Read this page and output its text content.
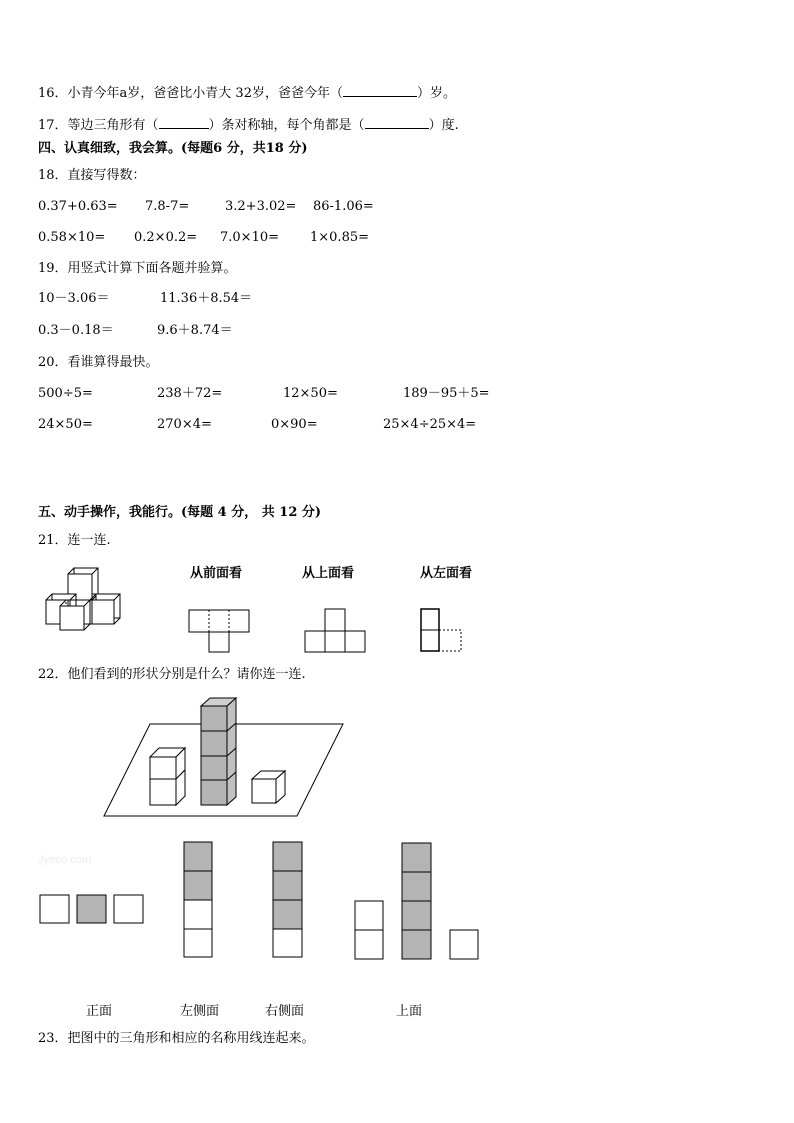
16．小青今年a岁，爸爸比小青大 32岁，爸爸今年（	）岁。
17．等边三角形有（	）条对称轴，每个角都是（	）度.
四、认真细致，我会算。(每题6 分，共18 分)
18．直接写得数：
0.37+0.63= 7.8-7=	3.2+3.02= 86-1.06=
0.58×10= 0.2×0.2= 7.0×10= 1×0.85=
19．用竖式计算下面各题并验算。
10－3.06＝	11.36＋8.54＝
0.3－0.18＝	9.6＋8.74＝
20．看谁算得最快。
500÷5=	238＋72=	12×50=	189－95＋5=
24×50=	270×4=	0×90=	25×4÷25×4=
五、动手操作，我能行。(每题 4 分， 共 12 分)
21．连一连.
从前面看	从上面看	从左面看
22．他们看到的形状分别是什么？请你连一连.
Jyeoo.com
正面	左侧面	右侧面	上面
23．把图中的三角形和相应的名称用线连起来。
